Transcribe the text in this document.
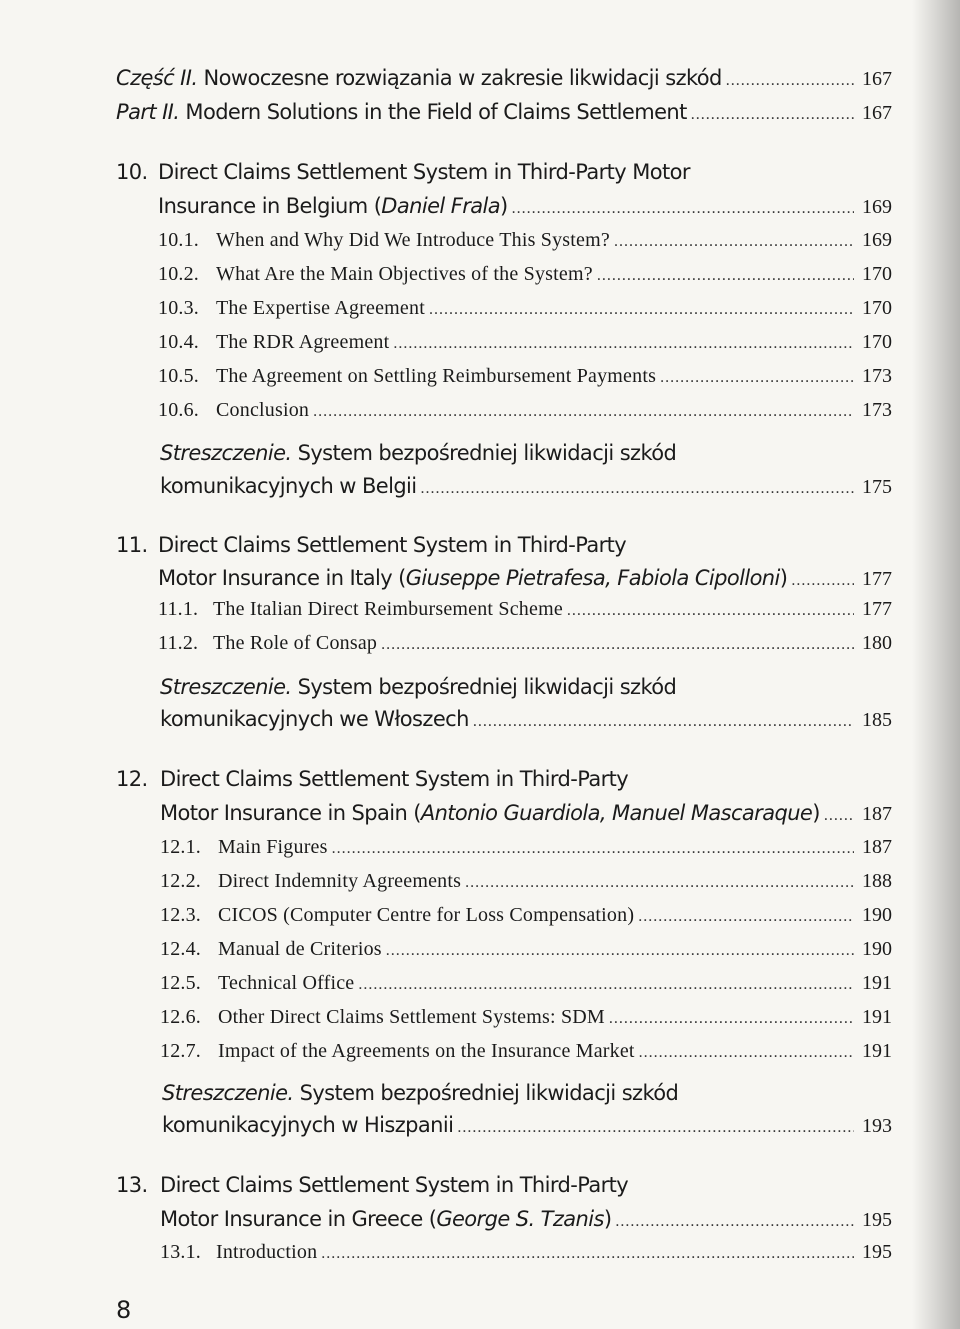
Część II.
Nowoczesne rozwiązania w zakresie likwidacji szkód .....	167
Part II.
Modern Solutions in the Field of Claims Settlement .....	167
10. Direct Claims Settlement System in Third-Party Motor
Insurance in Belgium ( Daniel Frala ) .....	169
10.1. When and Why Did We Introduce This System? .....	169
10.2. What Are the Main Objectives of the System? .....	170
10.3. The Expertise Agreement .....	170
10.4. The RDR Agreement .....	170
10.5. The Agreement on Settling Reimbursement Payments .....	173
10.6. Conclusion .....	173
Streszczenie.
System bezpośredniej likwidacji szkód
komunikacyjnych w Belgii .....	175
11. Direct Claims Settlement System in Third-Party
Motor Insurance in Italy ( Giuseppe Pietrafesa, Fabiola Cipolloni ) .....	177
11.1. The Italian Direct Reimbursement Scheme .....	177
11.2. The Role of Consap .....	180
Streszczenie.
System bezpośredniej likwidacji szkód
komunikacyjnych we Włoszech .....	185
12. Direct Claims Settlement System in Third-Party
Motor Insurance in Spain ( Antonio Guardiola, Manuel Mascaraque ) ..... 187
12.1. Main Figures .....	187
12.2. Direct Indemnity Agreements .....	188
12.3. CICOS (Computer Centre for Loss Compensation) .....	190
12.4. Manual de Criterios .....	190
12.5. Technical Office .....	191
12.6. Other Direct Claims Settlement Systems: SDM .....	191
12.7. Impact of the Agreements on the Insurance Market .....	191
Streszczenie.
System bezpośredniej likwidacji szkód
komunikacyjnych w Hiszpanii .....	193
13. Direct Claims Settlement System in Third-Party
Motor Insurance in Greece ( George S. Tzanis ) .....	195
13.1. Introduction .....	195
8
